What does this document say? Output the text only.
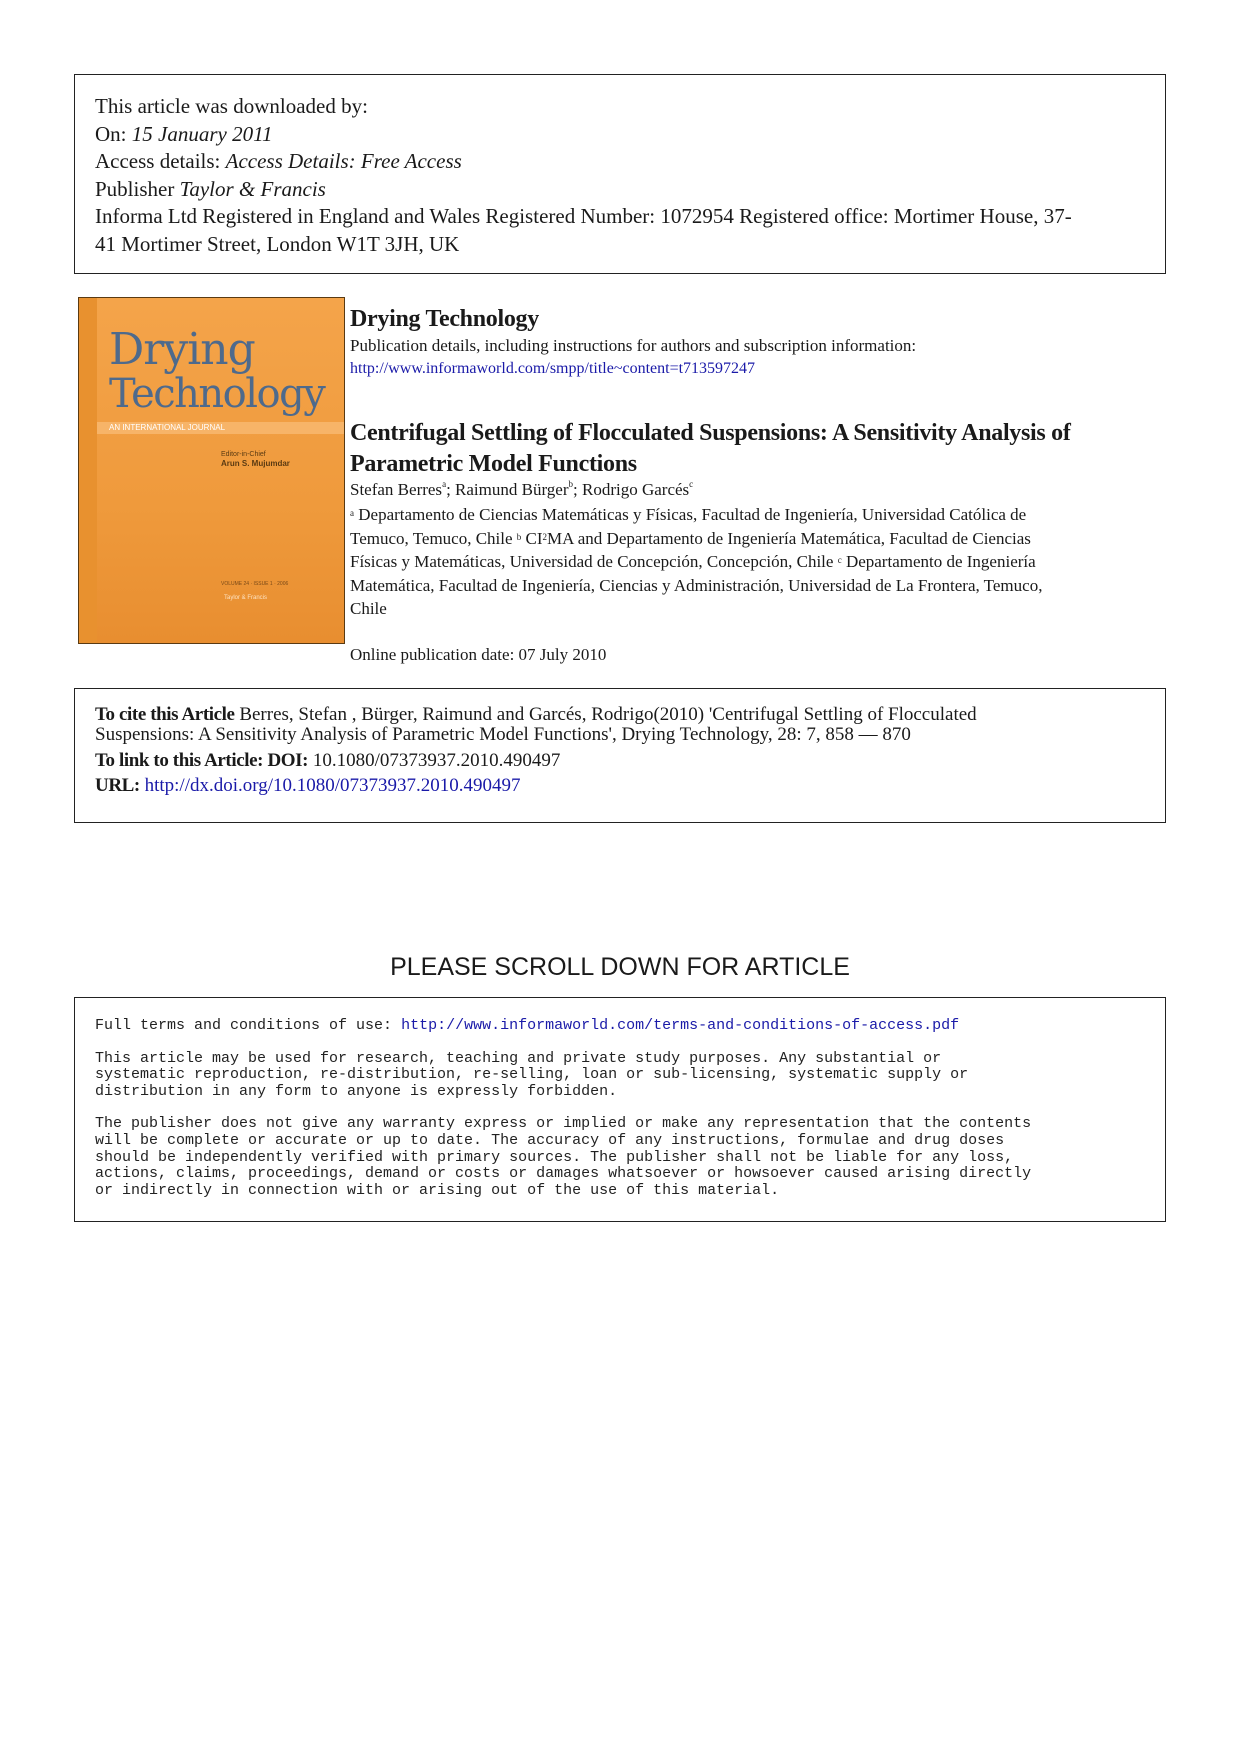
This article was downloaded by:
On: 15 January 2011
Access details: Access Details: Free Access
Publisher Taylor & Francis
Informa Ltd Registered in England and Wales Registered Number: 1072954 Registered office: Mortimer House, 37-
41 Mortimer Street, London W1T 3JH, UK
Drying
Technology
AN INTERNATIONAL JOURNAL
Editor-in-Chief
Arun S. Mujumdar
VOLUME 24 · ISSUE 1 · 2006
Taylor & Francis
Drying Technology
Publication details, including instructions for authors and subscription information:
http://www.informaworld.com/smpp/title~content=t713597247
Centrifugal Settling of Flocculated Suspensions: A Sensitivity Analysis of
Parametric Model Functions
Stefan Berres$^a$; Raimund Bürger$^b$; Rodrigo Garcés$^c$
$^a$ Departamento de Ciencias Matemáticas y Físicas, Facultad de Ingeniería, Universidad Católica de
Temuco, Temuco, Chile $^b$ $CI^2MA$ and Departamento de Ingeniería Matemática, Facultad de Ciencias
Físicas y Matemáticas, Universidad de Concepción, Concepción, Chile $^c$ Departamento de Ingeniería
Matemática, Facultad de Ingeniería, Ciencias y Administración, Universidad de La Frontera, Temuco,
Chile
Online publication date: 07 July 2010
To cite this Article Berres, Stefan , Bürger, Raimund and Garcés, Rodrigo(2010) 'Centrifugal Settling of Flocculated
Suspensions: A Sensitivity Analysis of Parametric Model Functions', Drying Technology, 28: 7, 858 — 870
To link to this Article: DOI: 10.1080/07373937.2010.490497
URL: http://dx.doi.org/10.1080/07373937.2010.490497
PLEASE SCROLL DOWN FOR ARTICLE

Full terms and conditions of use: http://www.informaworld.com/terms-and-conditions-of-access.pdf

This article may be used for research, teaching and private study purposes. Any substantial or
systematic reproduction, re-distribution, re-selling, loan or sub-licensing, systematic supply or
distribution in any form to anyone is expressly forbidden.

The publisher does not give any warranty express or implied or make any representation that the contents
will be complete or accurate or up to date. The accuracy of any instructions, formulae and drug doses
should be independently verified with primary sources. The publisher shall not be liable for any loss,
actions, claims, proceedings, demand or costs or damages whatsoever or howsoever caused arising directly
or indirectly in connection with or arising out of the use of this material.
